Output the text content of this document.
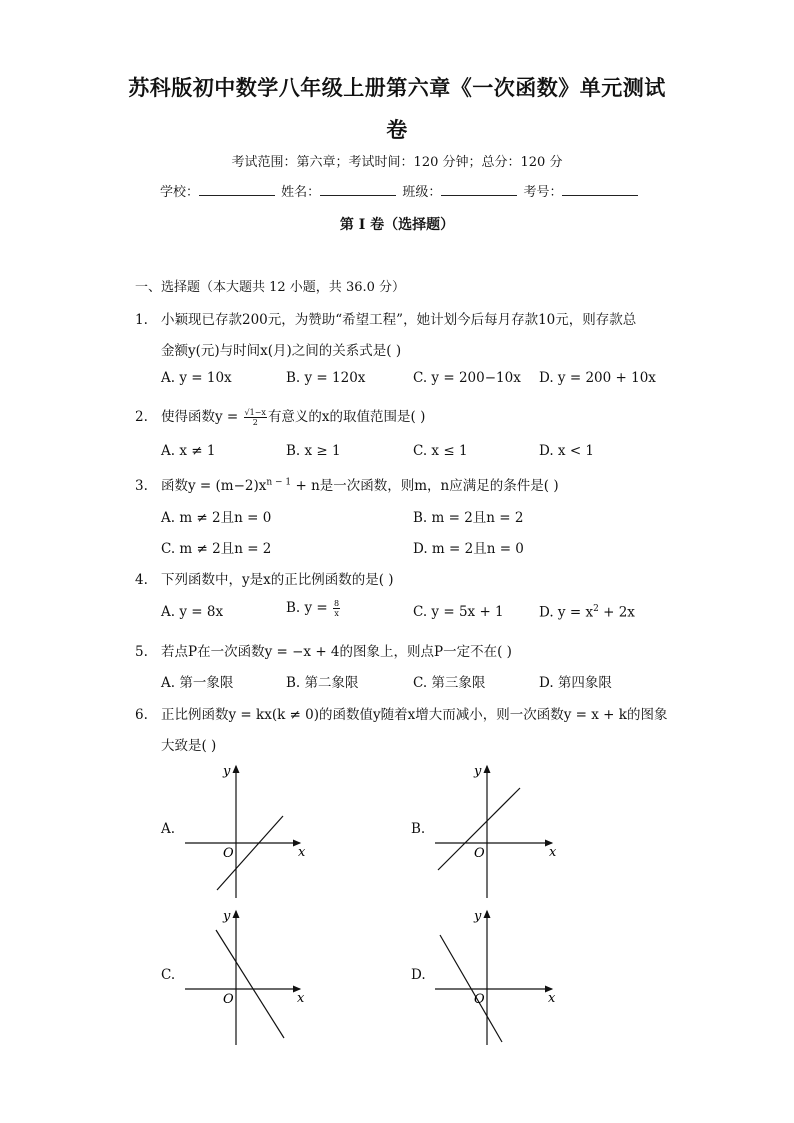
苏科版初中数学八年级上册第六章《一次函数》单元测试
卷
考试范围：第六章；考试时间：120 分钟；总分：120 分
学校：	姓名：	班级：	考号：
第 I 卷（选择题）
一、选择题（本大题共 12 小题，共 36.0 分）
1. 小颖现已存款200元，为赞助“希望工程”，她计划今后每月存款10元，则存款总
金额y(元)与时间x(月)之间的关系式是( )
A. y = 10x	B. y = 120x	C. y = 200−10x D. y = 200 + 10x
2. 使得函数$y = \frac{√1-x}{2}$ 有意义的x的取值范围是( )
A. x ≠ 1	B. x ≥ 1	C. x ≤ 1	D. x < 1
3. 函数$y = (m-2)x^{n - 1} + n$是一次函数，则m，n应满足的条件是( )
A. m ≠ 2且n = 0	B. m = 2且n = 2
C. m ≠ 2且n = 2	D. m = 2且n = 0
4. 下列函数中，y是x的正比例函数的是( )
A. y = 8x	B. $y = \frac{8}{x}$	C. y = 5x + 1	D. $y = x^2 + 2x$
5. 若点P在一次函数y = −x + 4的图象上，则点P一定不在( )
A. 第一象限	B. 第二象限	C. 第三象限	D. 第四象限
6. 正比例函数y = kx(k ≠ 0)的函数值y随着x增大而减小，则一次函数y = x + k的图象
大致是( )
A.	B.
C.	D.
y
x
O
y
x
O
y
x
O
y
x
O
